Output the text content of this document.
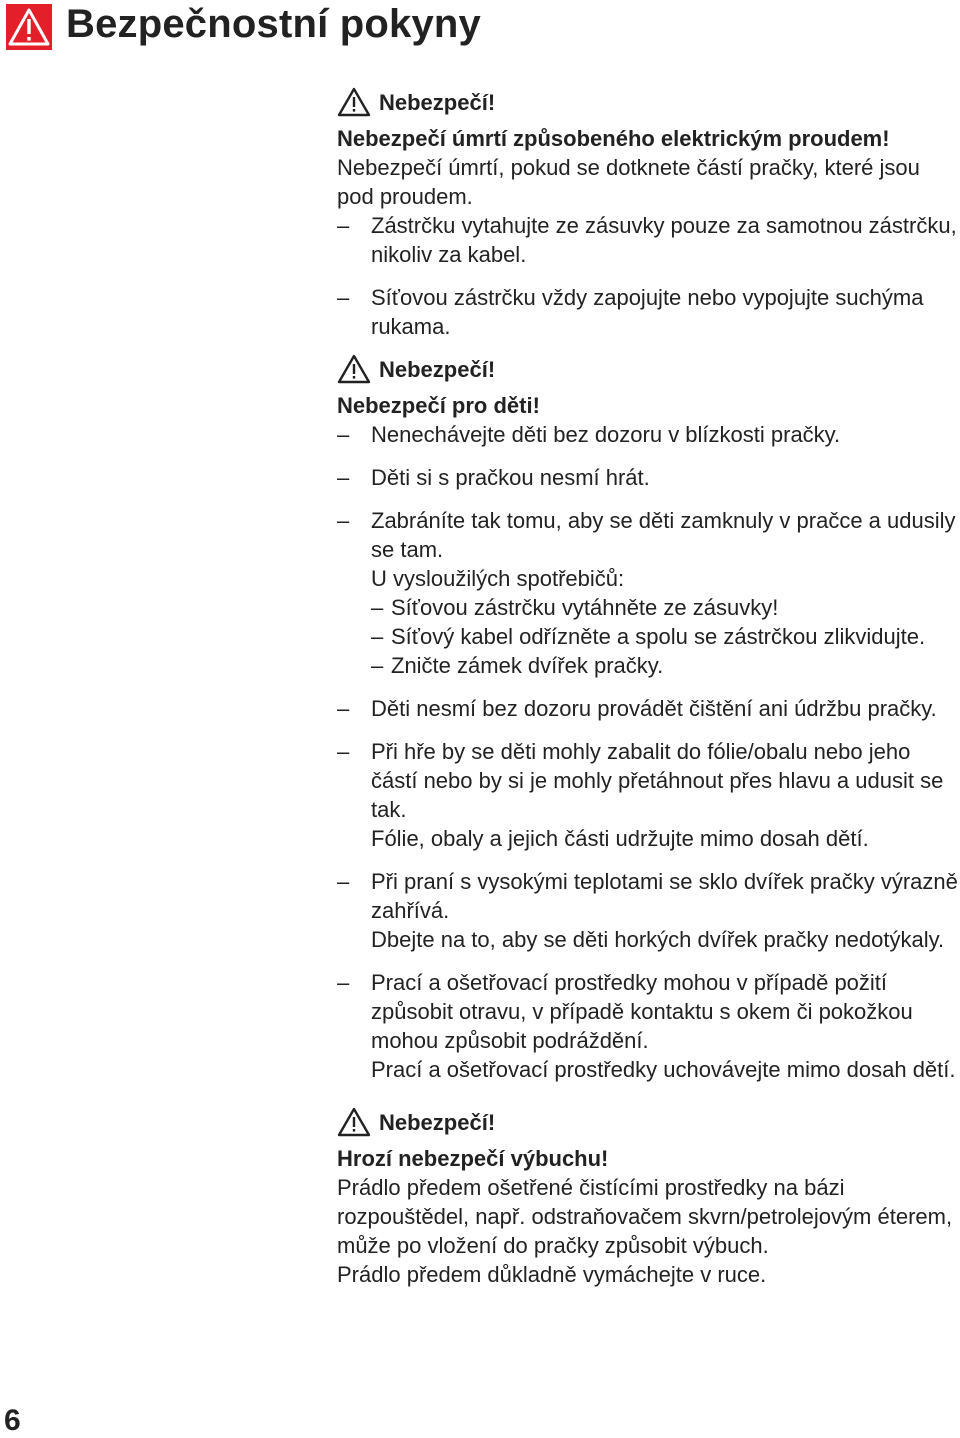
Bezpečnostní pokyny
Nebezpečí!
Nebezpečí úmrtí způsobeného elektrickým proudem!
Nebezpečí úmrtí, pokud se dotknete částí pračky, které jsou pod proudem.
– Zástrčku vytahujte ze zásuvky pouze za samotnou zástrčku, nikoliv za kabel.
– Síťovou zástrčku vždy zapojujte nebo vypojujte suchýma rukama.
Nebezpečí!
Nebezpečí pro děti!
– Nenechávejte děti bez dozoru v blízkosti pračky.
– Děti si s pračkou nesmí hrát.
– Zabráníte tak tomu, aby se děti zamknuly v pračce a udusily se tam.
U vysloužilých spotřebičů:
– Síťovou zástrčku vytáhněte ze zásuvky!
– Síťový kabel odřízněte a spolu se zástrčkou zlikvidujte.
– Zničte zámek dvířek pračky.
– Děti nesmí bez dozoru provádět čištění ani údržbu pračky.
– Při hře by se děti mohly zabalit do fólie/obalu nebo jeho částí nebo by si je mohly přetáhnout přes hlavu a udusit se tak.
Fólie, obaly a jejich části udržujte mimo dosah dětí.
– Při praní s vysokými teplotami se sklo dvířek pračky výrazně zahřívá.
Dbejte na to, aby se děti horkých dvířek pračky nedotýkaly.
– Prací a ošetřovací prostředky mohou v případě požití způsobit otravu, v případě kontaktu s okem či pokožkou mohou způsobit podráždění.
Prací a ošetřovací prostředky uchovávejte mimo dosah dětí.
Nebezpečí!
Hrozí nebezpečí výbuchu!
Prádlo předem ošetřené čistícími prostředky na bázi rozpouštědel, např. odstraňovačem skvrn/petrolejovým éterem, může po vložení do pračky způsobit výbuch.
Prádlo předem důkladně vymáchejte v ruce.
6
